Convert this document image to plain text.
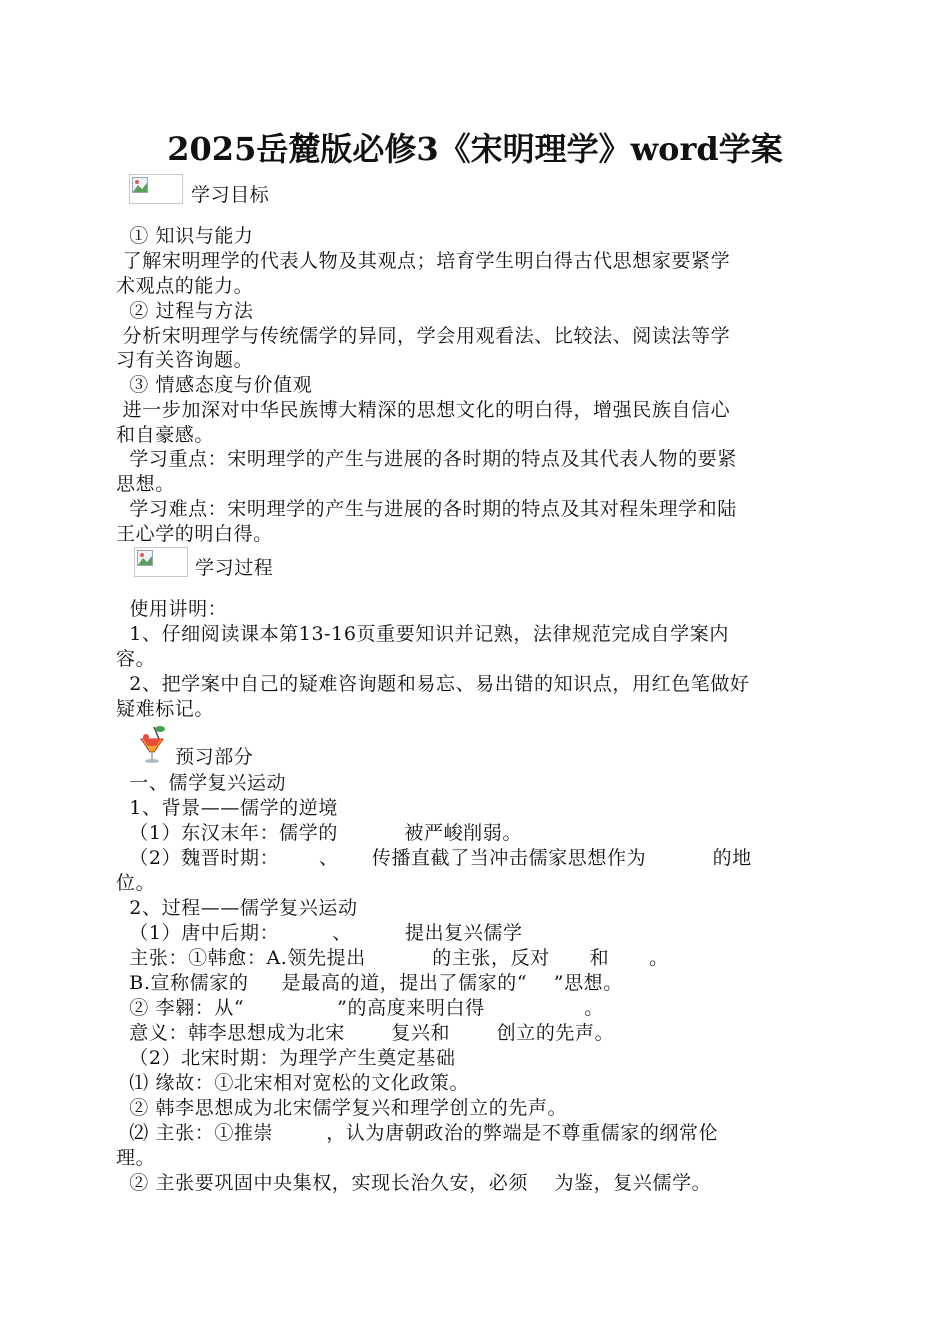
2025岳麓版必修3《宋明理学》word学案
学习目标
① 知识与能力
了解宋明理学的代表人物及其观点；培育学生明白得古代思想家要紧学
术观点的能力。
② 过程与方法
分析宋明理学与传统儒学的异同，学会用观看法、比较法、阅读法等学
习有关咨询题。
③ 情感态度与价值观
进一步加深对中华民族博大精深的思想文化的明白得，增强民族自信心
和自豪感。
学习重点：宋明理学的产生与进展的各时期的特点及其代表人物的要紧
思想。
学习难点：宋明理学的产生与进展的各时期的特点及其对程朱理学和陆
王心学的明白得。
学习过程
使用讲明：
1、仔细阅读课本第13-16页重要知识并记熟，法律规范完成自学案内
容。
2、把学案中自己的疑难咨询题和易忘、易出错的知识点，用红色笔做好
疑难标记。
预习部分
一、儒学复兴运动
1、背景——儒学的逆境
（1）东汉末年：儒学的          被严峻削弱。
（2）魏晋时期：      、     传播直截了当冲击儒家思想作为          的地
位。
2、过程——儒学复兴运动
（1）唐中后期：        、        提出复兴儒学
主张：①韩愈：A.领先提出          的主张，反对      和      。
B.宣称儒家的     是最高的道，提出了儒家的“    ”思想。
② 李翱：从“              ”的高度来明白得               。
意义：韩李思想成为北宋       复兴和       创立的先声。
（2）北宋时期：为理学产生奠定基础
⑴ 缘故：①北宋相对宽松的文化政策。
② 韩李思想成为北宋儒学复兴和理学创立的先声。
⑵ 主张：①推崇        ，认为唐朝政治的弊端是不尊重儒家的纲常伦
理。
② 主张要巩固中央集权，实现长治久安，必须    为鉴，复兴儒学。
